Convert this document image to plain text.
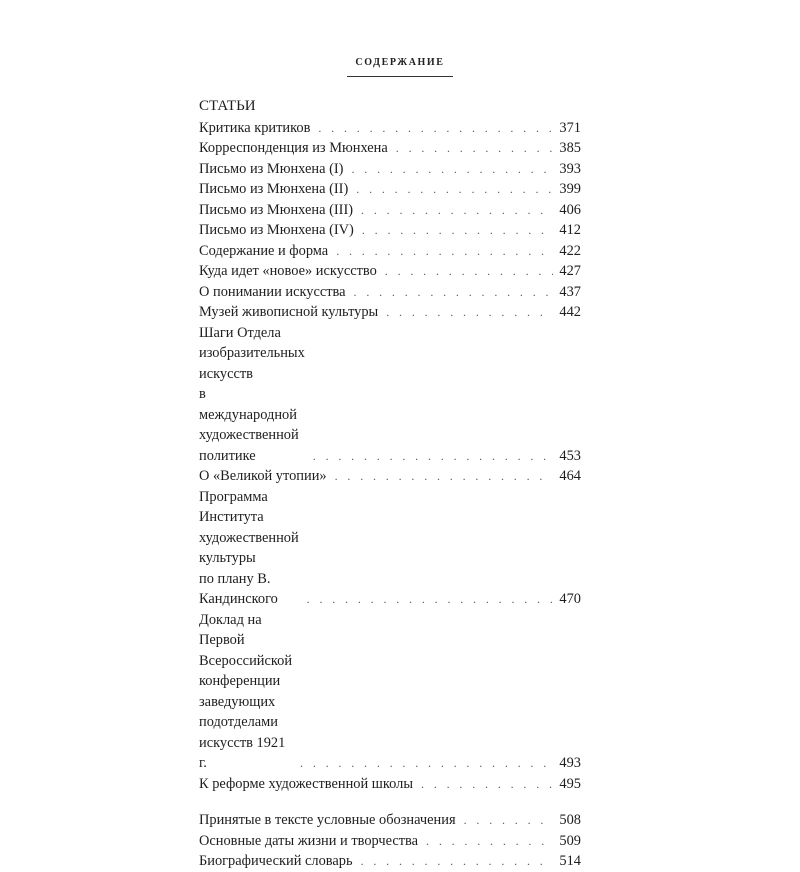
СОДЕРЖАНИЕ
СТАТЬИ
Критика критиков . . .	371
Корреспонденция из Мюнхена . . .	385
Письмо из Мюнхена (I) . . .	393
Письмо из Мюнхена (II) . . .	399
Письмо из Мюнхена (III) . . .	406
Письмо из Мюнхена (IV) . . .	412
Содержание и форма . . .	422
Куда идет «новое» искусство . . .	427
О понимании искусства . . .	437
Музей живописной культуры . . .	442
Шаги Отдела изобразительных искусств
в международной художественной политике . . .	453
О «Великой утопии» . . .	464
Программа Института художественной культуры
по плану В. Кандинского . . .	470
Доклад на Первой Всероссийской конференции
заведующих подотделами искусств 1921 г. . . .	493
К реформе художественной школы . . .	495
Принятые в тексте условные обозначения . . .	508
Основные даты жизни и творчества . . .	509
Биографический словарь . . .	514
